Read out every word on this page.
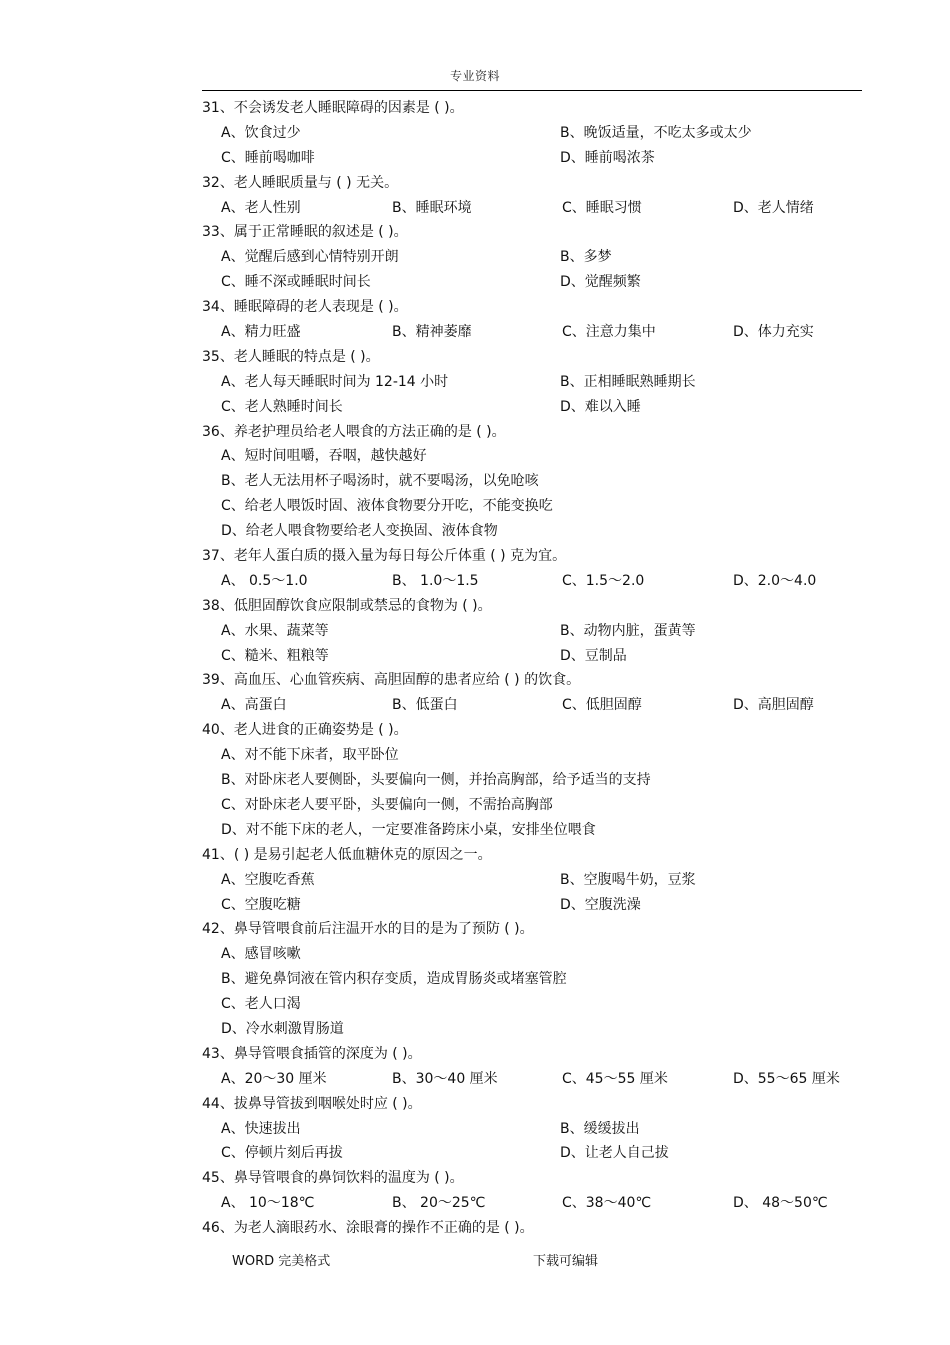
专业资料
31、不会诱发老人睡眠障碍的因素是 ( )。
A、饮食过少	B、晚饭适量，不吃太多或太少
C、睡前喝咖啡	D、睡前喝浓茶
32、老人睡眠质量与 ( ) 无关。
A、老人性别	B、睡眠环境	C、睡眠习惯	D、老人情绪
33、属于正常睡眠的叙述是 ( )。
A、觉醒后感到心情特别开朗	B、多梦
C、睡不深或睡眠时间长	D、觉醒频繁
34、睡眠障碍的老人表现是 ( )。
A、精力旺盛	B、精神萎靡	C、注意力集中	D、体力充实
35、老人睡眠的特点是 ( )。
A、老人每天睡眠时间为 12-14 小时	B、正相睡眠熟睡期长
C、老人熟睡时间长	D、难以入睡
36、养老护理员给老人喂食的方法正确的是 ( )。
A、短时间咀嚼，吞咽，越快越好
B、老人无法用杯子喝汤时，就不要喝汤，以免呛咳
C、给老人喂饭时固、液体食物要分开吃，不能变换吃
D、给老人喂食物要给老人变换固、液体食物
37、老年人蛋白质的摄入量为每日每公斤体重 ( ) 克为宜。
A、 0.5～1.0	B、 1.0～1.5	C、1.5～2.0	D、2.0～4.0
38、低胆固醇饮食应限制或禁忌的食物为 ( )。
A、水果、蔬菜等	B、动物内脏，蛋黄等
C、糙米、粗粮等	D、豆制品
39、高血压、心血管疾病、高胆固醇的患者应给 ( ) 的饮食。
A、高蛋白	B、低蛋白	C、低胆固醇	D、高胆固醇
40、老人进食的正确姿势是 ( )。
A、对不能下床者，取平卧位
B、对卧床老人要侧卧，头要偏向一侧，并抬高胸部，给予适当的支持
C、对卧床老人要平卧，头要偏向一侧，不需抬高胸部
D、对不能下床的老人，一定要准备跨床小桌，安排坐位喂食
41、( ) 是易引起老人低血糖休克的原因之一。
A、空腹吃香蕉	B、空腹喝牛奶，豆浆
C、空腹吃糖	D、空腹洗澡
42、鼻导管喂食前后注温开水的目的是为了预防 ( )。
A、感冒咳嗽
B、避免鼻饲液在管内积存变质，造成胃肠炎或堵塞管腔
C、老人口渴
D、冷水刺激胃肠道
43、鼻导管喂食插管的深度为 ( )。
A、20～30 厘米	B、30～40 厘米	C、45～55 厘米	D、55～65 厘米
44、拔鼻导管拔到咽喉处时应 ( )。
A、快速拔出	B、缓缓拔出
C、停顿片刻后再拔	D、让老人自己拔
45、鼻导管喂食的鼻饲饮料的温度为 ( )。
A、 10～18℃	B、 20～25℃	C、38～40℃	D、 48～50℃
46、为老人滴眼药水、涂眼膏的操作不正确的是 ( )。
WORD 完美格式	下载可编辑
